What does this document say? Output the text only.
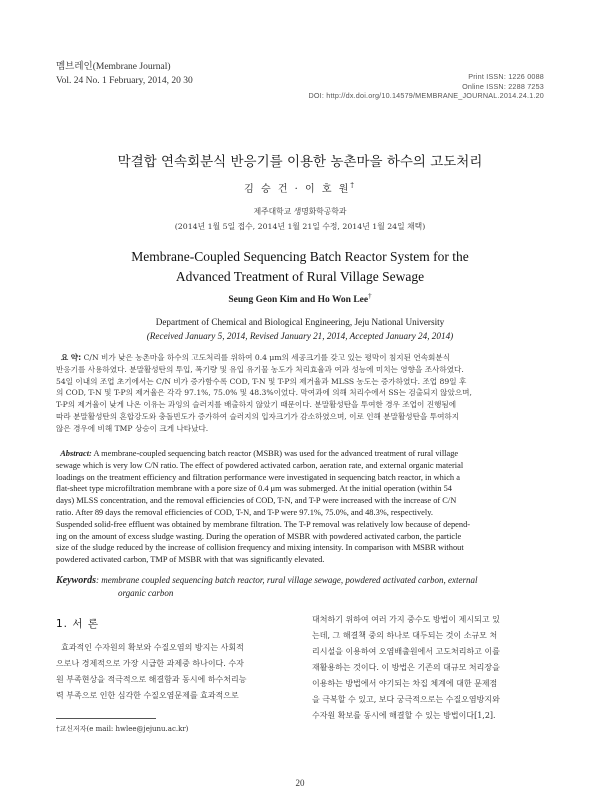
멤브레인(Membrane Journal)
Vol. 24 No. 1 February, 2014, 20 30	Print ISSN: 1226 0088
Online ISSN: 2288 7253
DOI: http://dx.doi.org/10.14579/MEMBRANE_JOURNAL.2014.24.1.20
막결합 연속회분식 반응기를 이용한 농촌마을 하수의 고도처리
김 승 건 · 이 호 원†
제주대학교 생명화학공학과
(2014년 1월 5일 접수, 2014년 1월 21일 수정, 2014년 1월 24일 채택)
Membrane-Coupled Sequencing Batch Reactor System for the
Advanced Treatment of Rural Village Sewage
Seung Geon Kim and Ho Won Lee†
Department of Chemical and Biological Engineering, Jeju National University
(Received January 5, 2014, Revised January 21, 2014, Accepted January 24, 2014)
요 약: C/N 비가 낮은 농촌마을 하수의 고도처리를 위하여 0.4 μm의 세공크기를 갖고 있는 평막이 침지된 연속회분식
반응기를 사용하였다. 분말활성탄의 투입, 폭기량 및 유입 유기물 농도가 처리효율과 여과 성능에 미치는 영향을 조사하였다.
54일 이내의 조업 초기에서는 C/N 비가 증가함수록 COD, T-N 및 T-P의 제거율과 MLSS 농도는 증가하였다. 조업 89일 후
의 COD, T-N 및 T-P의 제거율은 각각 97.1%, 75.0% 및 48.3%이었다. 막여과에 의해 처리수에서 SS는 검출되지 않았으며,
T-P의 제거율이 낮게 나온 이유는 과잉의 슬러지를 배출하지 않았기 때문이다. 분말활성탄을 투여한 경우 조업이 진행됨에
따라 분말활성탄의 혼합강도와 충돌빈도가 증가하여 슬러지의 입자크기가 감소하였으며, 이로 인해 분말활성탄을 투여하지
않은 경우에 비해 TMP 상승이 크게 나타났다.
Abstract: A membrane-coupled sequencing batch reactor (MSBR) was used for the advanced treatment of rural village
sewage which is very low C/N ratio. The effect of powdered activated carbon, aeration rate, and external organic material
loadings on the treatment efficiency and filtration performance were investigated in sequencing batch reactor, in which a
flat-sheet type microfiltration membrane with a pore size of 0.4 μm was submerged. At the initial operation (within 54
days) MLSS concentration, and the removal efficiencies of COD, T-N, and T-P were increased with the increase of C/N
ratio. After 89 days the removal efficiencies of COD, T-N, and T-P were 97.1%, 75.0%, and 48.3%, respectively.
Suspended solid-free effluent was obtained by membrane filtration. The T-P removal was relatively low because of depend-
ing on the amount of excess sludge wasting. During the operation of MSBR with powdered activated carbon, the particle
size of the sludge reduced by the increase of collision frequency and mixing intensity. In comparison with MSBR without
powdered activated carbon, TMP of MSBR with that was significantly elevated.
Keywords: membrane coupled sequencing batch reactor, rural village sewage, powdered activated carbon, external
organic carbon
1. 서 론
효과적인 수자원의 확보와 수질오염의 방지는 사회적
으로나 경제적으로 가장 시급한 과제중 하나이다. 수자
원 부족현상을 적극적으로 해결함과 동시에 하수처리능
력 부족으로 인한 심각한 수질오염문제를 효과적으로
대처하기 위하여 여러 가지 중수도 방법이 제시되고 있
는데, 그 해결책 중의 하나로 대두되는 것이 소규모 처
리시설을 이용하여 오염배출원에서 고도처리하고 이를
재활용하는 것이다. 이 방법은 기존의 대규모 처리장을
이용하는 방법에서 야기되는 차집 체계에 대한 문제점
을 극복할 수 있고, 보다 궁극적으로는 수질오염방지와
수자원 확보를 동시에 해결할 수 있는 방법이다[1,2].
†교신저자(e mail: hwlee@jejunu.ac.kr)
20
